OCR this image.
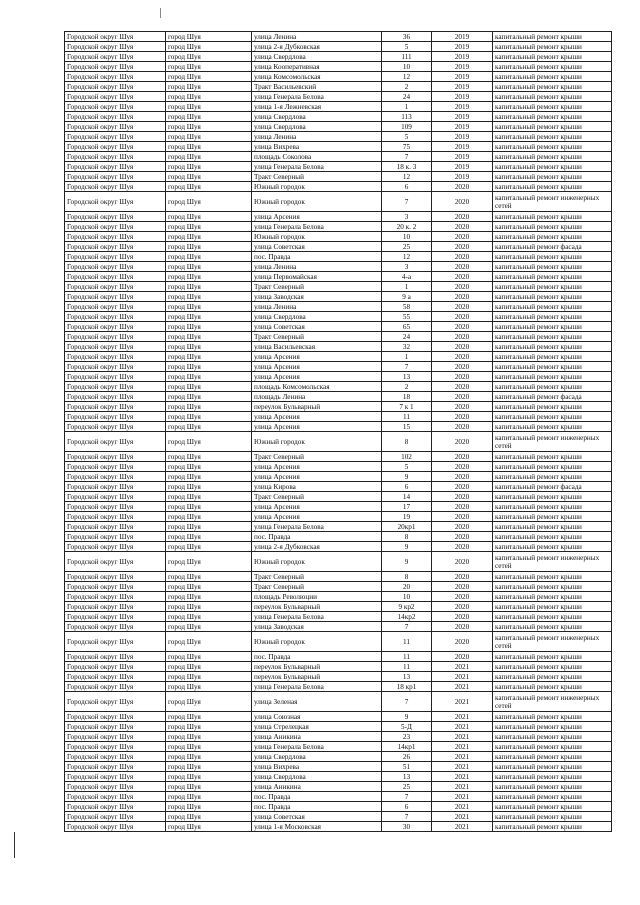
Городской округ Шуя	город Шуя	улица Ленина	36	2019	капитальный ремонт крыши
Городской округ Шуя	город Шуя	улица 2-я Дубковская	5	2019	капитальный ремонт крыши
Городской округ Шуя	город Шуя	улица Свердлова	111	2019	капитальный ремонт крыши
Городской округ Шуя	город Шуя	улица Кооперативная	10	2019	капитальный ремонт крыши
Городской округ Шуя	город Шуя	улица Комсомольская	12	2019	капитальный ремонт крыши
Городской округ Шуя	город Шуя	Тракт Васильевский	2	2019	капитальный ремонт крыши
Городской округ Шуя	город Шуя	улица Генерала Белова	24	2019	капитальный ремонт крыши
Городской округ Шуя	город Шуя	улица 1-я Лежневская	1	2019	капитальный ремонт крыши
Городской округ Шуя	город Шуя	улица Свердлова	113	2019	капитальный ремонт крыши
Городской округ Шуя	город Шуя	улица Свердлова	109	2019	капитальный ремонт крыши
Городской округ Шуя	город Шуя	улица Ленина	5	2019	капитальный ремонт крыши
Городской округ Шуя	город Шуя	улица Вихрева	75	2019	капитальный ремонт крыши
Городской округ Шуя	город Шуя	площадь Соколова	7	2019	капитальный ремонт крыши
Городской округ Шуя	город Шуя	улица Генерала Белова	18 к. 3	2019	капитальный ремонт крыши
Городской округ Шуя	город Шуя	Тракт Северный	12	2019	капитальный ремонт крыши
Городской округ Шуя	город Шуя	Южный городок	6	2020	капитальный ремонт крыши
Городской округ Шуя	город Шуя	Южный городок	7	2020	капитальный ремонт инженерных сетей
Городской округ Шуя	город Шуя	улица Арсения	3	2020	капитальный ремонт крыши
Городской округ Шуя	город Шуя	улица Генерала Белова	20 к. 2	2020	капитальный ремонт крыши
Городской округ Шуя	город Шуя	Южный городок	10	2020	капитальный ремонт крыши
Городской округ Шуя	город Шуя	улица Советская	25	2020	капитальный ремонт фасада
Городской округ Шуя	город Шуя	пос. Правда	12	2020	капитальный ремонт крыши
Городской округ Шуя	город Шуя	улица Ленина	3	2020	капитальный ремонт крыши
Городской округ Шуя	город Шуя	улица Первомайская	4-а	2020	капитальный ремонт крыши
Городской округ Шуя	город Шуя	Тракт Северный	1	2020	капитальный ремонт крыши
Городской округ Шуя	город Шуя	улица Заводская	9 а	2020	капитальный ремонт крыши
Городской округ Шуя	город Шуя	улица Ленина	58	2020	капитальный ремонт крыши
Городской округ Шуя	город Шуя	улица Свердлова	55	2020	капитальный ремонт крыши
Городской округ Шуя	город Шуя	улица Советская	65	2020	капитальный ремонт крыши
Городской округ Шуя	город Шуя	Тракт Северный	24	2020	капитальный ремонт крыши
Городской округ Шуя	город Шуя	улица Васильевская	32	2020	капитальный ремонт крыши
Городской округ Шуя	город Шуя	улица Арсения	1	2020	капитальный ремонт крыши
Городской округ Шуя	город Шуя	улица Арсения	7	2020	капитальный ремонт крыши
Городской округ Шуя	город Шуя	улица Арсения	13	2020	капитальный ремонт крыши
Городской округ Шуя	город Шуя	площадь Комсомольская	2	2020	капитальный ремонт крыши
Городской округ Шуя	город Шуя	площадь Ленина	18	2020	капитальный ремонт фасада
Городской округ Шуя	город Шуя	переулок Бульварный	7 к 1	2020	капитальный ремонт крыши
Городской округ Шуя	город Шуя	улица Арсения	11	2020	капитальный ремонт крыши
Городской округ Шуя	город Шуя	улица Арсения	15	2020	капитальный ремонт крыши
Городской округ Шуя	город Шуя	Южный городок	8	2020	капитальный ремонт инженерных сетей
Городской округ Шуя	город Шуя	Тракт Северный	102	2020	капитальный ремонт крыши
Городской округ Шуя	город Шуя	улица Арсения	5	2020	капитальный ремонт крыши
Городской округ Шуя	город Шуя	улица Арсения	9	2020	капитальный ремонт крыши
Городской округ Шуя	город Шуя	улица Кирова	6	2020	капитальный ремонт фасада
Городской округ Шуя	город Шуя	Тракт Северный	14	2020	капитальный ремонт крыши
Городской округ Шуя	город Шуя	улица Арсения	17	2020	капитальный ремонт крыши
Городской округ Шуя	город Шуя	улица Арсения	19	2020	капитальный ремонт крыши
Городской округ Шуя	город Шуя	улица Генерала Белова	20кр1	2020	капитальный ремонт крыши
Городской округ Шуя	город Шуя	пос. Правда	8	2020	капитальный ремонт крыши
Городской округ Шуя	город Шуя	улица 2-я Дубковская	9	2020	капитальный ремонт крыши
Городской округ Шуя	город Шуя	Южный городок	9	2020	капитальный ремонт инженерных сетей
Городской округ Шуя	город Шуя	Тракт Северный	8	2020	капитальный ремонт крыши
Городской округ Шуя	город Шуя	Тракт Северный	20	2020	капитальный ремонт крыши
Городской округ Шуя	город Шуя	площадь Революции	10	2020	капитальный ремонт крыши
Городской округ Шуя	город Шуя	переулок Бульварный	9 кр2	2020	капитальный ремонт крыши
Городской округ Шуя	город Шуя	улица Генерала Белова	14кр2	2020	капитальный ремонт крыши
Городской округ Шуя	город Шуя	улица Заводская	7	2020	капитальный ремонт крыши
Городской округ Шуя	город Шуя	Южный городок	11	2020	капитальный ремонт инженерных сетей
Городской округ Шуя	город Шуя	пос. Правда	11	2020	капитальный ремонт крыши
Городской округ Шуя	город Шуя	переулок Бульварный	11	2021	капитальный ремонт крыши
Городской округ Шуя	город Шуя	переулок Бульварный	13	2021	капитальный ремонт крыши
Городской округ Шуя	город Шуя	улица Генерала Белова	18 кр1	2021	капитальный ремонт крыши
Городской округ Шуя	город Шуя	улица Зеленая	7	2021	капитальный ремонт инженерных сетей
Городской округ Шуя	город Шуя	улица Союзная	9	2021	капитальный ремонт крыши
Городской округ Шуя	город Шуя	улица Стрелецкая	5-Д	2021	капитальный ремонт крыши
Городской округ Шуя	город Шуя	улица Аникина	23	2021	капитальный ремонт крыши
Городской округ Шуя	город Шуя	улица Генерала Белова	14кр1	2021	капитальный ремонт крыши
Городской округ Шуя	город Шуя	улица Свердлова	26	2021	капитальный ремонт крыши
Городской округ Шуя	город Шуя	улица Вихрева	51	2021	капитальный ремонт крыши
Городской округ Шуя	город Шуя	улица Свердлова	13	2021	капитальный ремонт крыши
Городской округ Шуя	город Шуя	улица Аникина	25	2021	капитальный ремонт крыши
Городской округ Шуя	город Шуя	пос. Правда	7	2021	капитальный ремонт крыши
Городской округ Шуя	город Шуя	пос. Правда	6	2021	капитальный ремонт крыши
Городской округ Шуя	город Шуя	улица Советская	7	2021	капитальный ремонт крыши
Городской округ Шуя	город Шуя	улица 1-я Московская	30	2021	капитальный ремонт крыши
